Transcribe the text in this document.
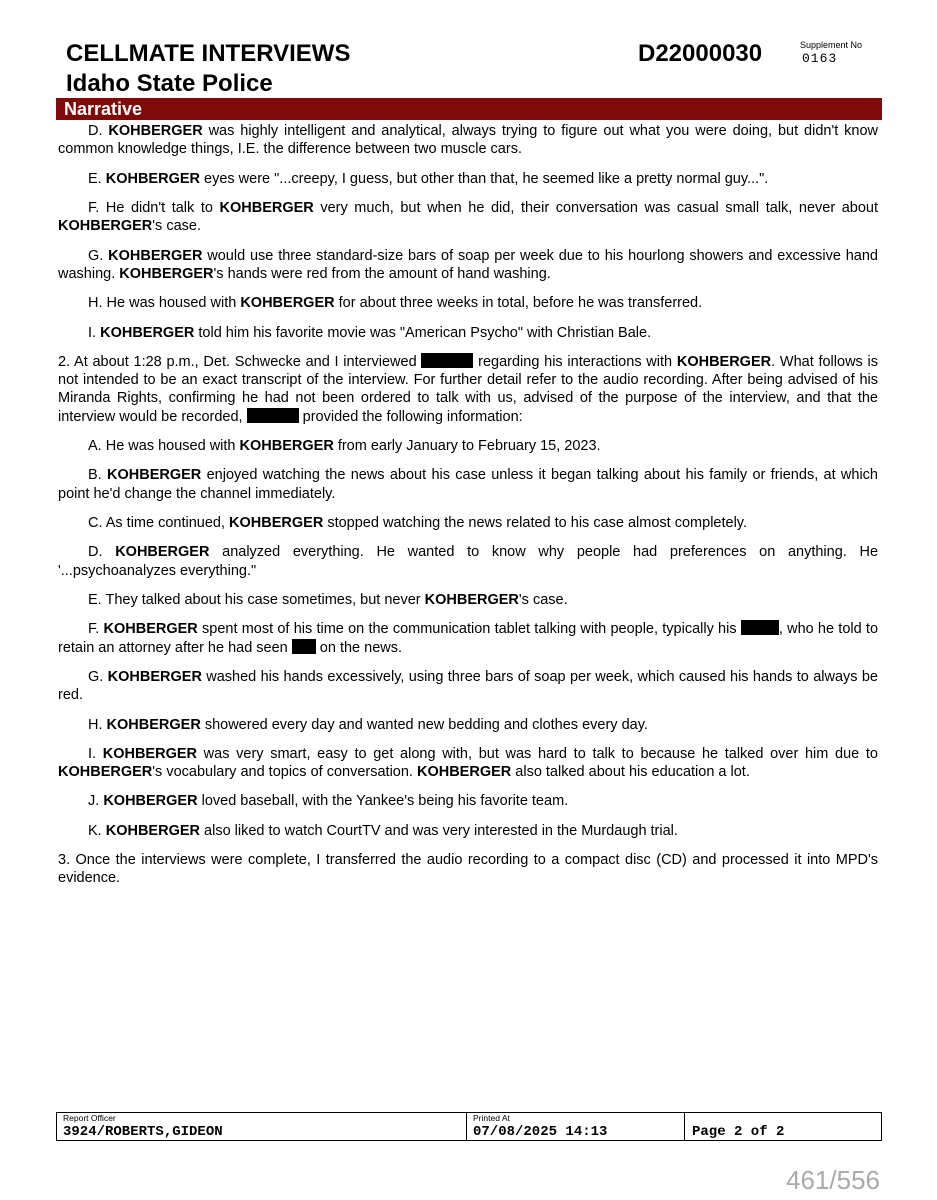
CELLMATE INTERVIEWS
Idaho State Police
D22000030	Supplement No
0163
Narrative

D. KOHBERGER was highly intelligent and analytical, always trying to figure out what you were doing, but didn't know common knowledge things, I.E. the difference between two muscle cars.

E. KOHBERGER eyes were "...creepy, I guess, but other than that, he seemed like a pretty normal guy...".

F. He didn't talk to KOHBERGER very much, but when he did, their conversation was casual small talk, never about KOHBERGER's case.

G. KOHBERGER would use three standard-size bars of soap per week due to his hourlong showers and excessive hand washing. KOHBERGER's hands were red from the amount of hand washing.

H. He was housed with KOHBERGER for about three weeks in total, before he was transferred.

I. KOHBERGER told him his favorite movie was "American Psycho" with Christian Bale.

2. At about 1:28 p.m., Det. Schwecke and I interviewed	regarding his interactions with KOHBERGER. What follows is not intended to be an exact transcript of the interview. For further detail refer to the audio recording. After being advised of his Miranda Rights, confirming he had not been ordered to talk with us, advised of the purpose of the interview, and that the interview would be recorded,	provided the following information:

A. He was housed with KOHBERGER from early January to February 15, 2023.

B. KOHBERGER enjoyed watching the news about his case unless it began talking about his family or friends, at which point he'd change the channel immediately.

C. As time continued, KOHBERGER stopped watching the news related to his case almost completely.

D. KOHBERGER analyzed everything. He wanted to know why people had preferences on anything. He '...psychoanalyzes everything."

E. They talked about his case sometimes, but never KOHBERGER's case.

F. KOHBERGER spent most of his time on the communication tablet talking with people, typically his	, who he told to retain an attorney after he had seen  on the news.

G. KOHBERGER washed his hands excessively, using three bars of soap per week, which caused his hands to always be red.

H. KOHBERGER showered every day and wanted new bedding and clothes every day.

I. KOHBERGER was very smart, easy to get along with, but was hard to talk to because he talked over him due to KOHBERGER's vocabulary and topics of conversation. KOHBERGER also talked about his education a lot.

J. KOHBERGER loved baseball, with the Yankee's being his favorite team.

K. KOHBERGER also liked to watch CourtTV and was very interested in the Murdaugh trial.

3. Once the interviews were complete, I transferred the audio recording to a compact disc (CD) and processed it into MPD's evidence.

Report Officer
3924/ROBERTS,GIDEON
Printed At
07/08/2025 14:13	Page 2 of 2
461/556
